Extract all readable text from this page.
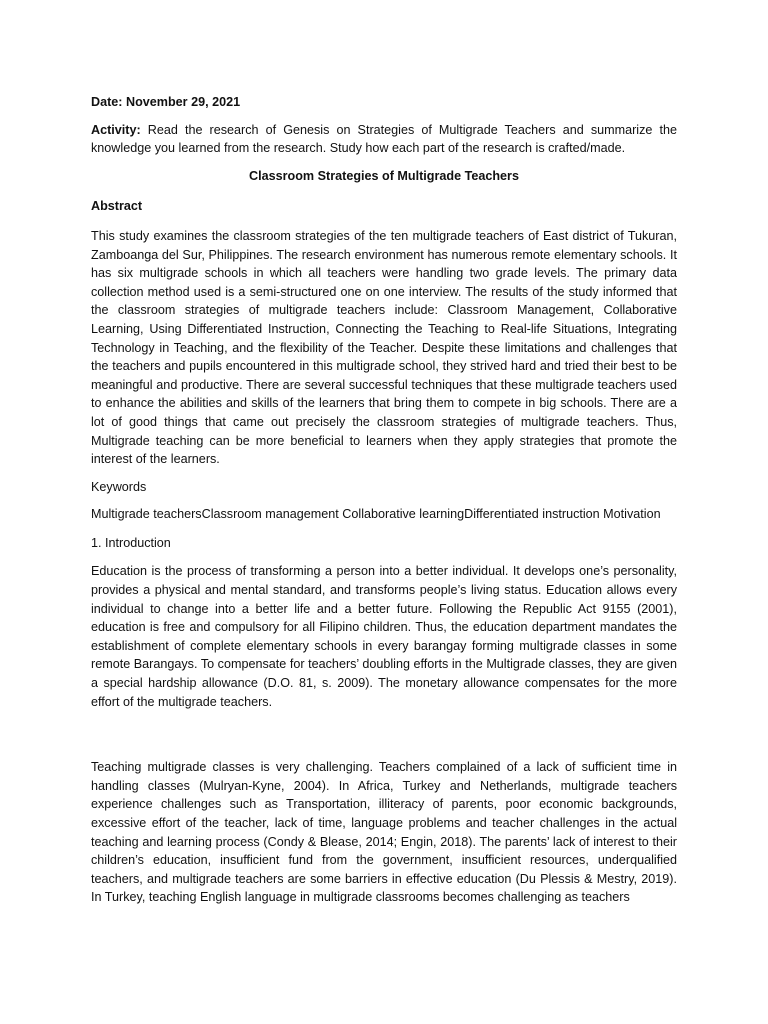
Date: November 29, 2021

Activity: Read the research of Genesis on Strategies of Multigrade Teachers and summarize the knowledge you learned from the research. Study how each part of the research is crafted/made.

Classroom Strategies of Multigrade Teachers

Abstract

This study examines the classroom strategies of the ten multigrade teachers of East district of Tukuran, Zamboanga del Sur, Philippines. The research environment has numerous remote elementary schools. It has six multigrade schools in which all teachers were handling two grade levels. The primary data collection method used is a semi-structured one on one interview. The results of the study informed that the classroom strategies of multigrade teachers include: Classroom Management, Collaborative Learning, Using Differentiated Instruction, Connecting the Teaching to Real-life Situations, Integrating Technology in Teaching, and the flexibility of the Teacher. Despite these limitations and challenges that the teachers and pupils encountered in this multigrade school, they strived hard and tried their best to be meaningful and productive. There are several successful techniques that these multigrade teachers used to enhance the abilities and skills of the learners that bring them to compete in big schools. There are a lot of good things that came out precisely the classroom strategies of multigrade teachers. Thus, Multigrade teaching can be more beneficial to learners when they apply strategies that promote the interest of the learners.

Keywords

Multigrade teachersClassroom management Collaborative learningDifferentiated instruction Motivation

1. Introduction

Education is the process of transforming a person into a better individual. It develops one’s personality, provides a physical and mental standard, and transforms people’s living status. Education allows every individual to change into a better life and a better future. Following the Republic Act 9155 (2001), education is free and compulsory for all Filipino children. Thus, the education department mandates the establishment of complete elementary schools in every barangay forming multigrade classes in some remote Barangays. To compensate for teachers’ doubling efforts in the Multigrade classes, they are given a special hardship allowance (D.O. 81, s. 2009). The monetary allowance compensates for the more effort of the multigrade teachers.

Teaching multigrade classes is very challenging. Teachers complained of a lack of sufficient time in handling classes (Mulryan-Kyne, 2004). In Africa, Turkey and Netherlands, multigrade teachers experience challenges such as Transportation, illiteracy of parents, poor economic backgrounds, excessive effort of the teacher, lack of time, language problems and teacher challenges in the actual teaching and learning process (Condy & Blease, 2014; Engin, 2018). The parents’ lack of interest to their children’s education, insufficient fund from the government, insufficient resources, underqualified teachers, and multigrade teachers are some barriers in effective education (Du Plessis & Mestry, 2019). In Turkey, teaching English language in multigrade classrooms becomes challenging as teachers
